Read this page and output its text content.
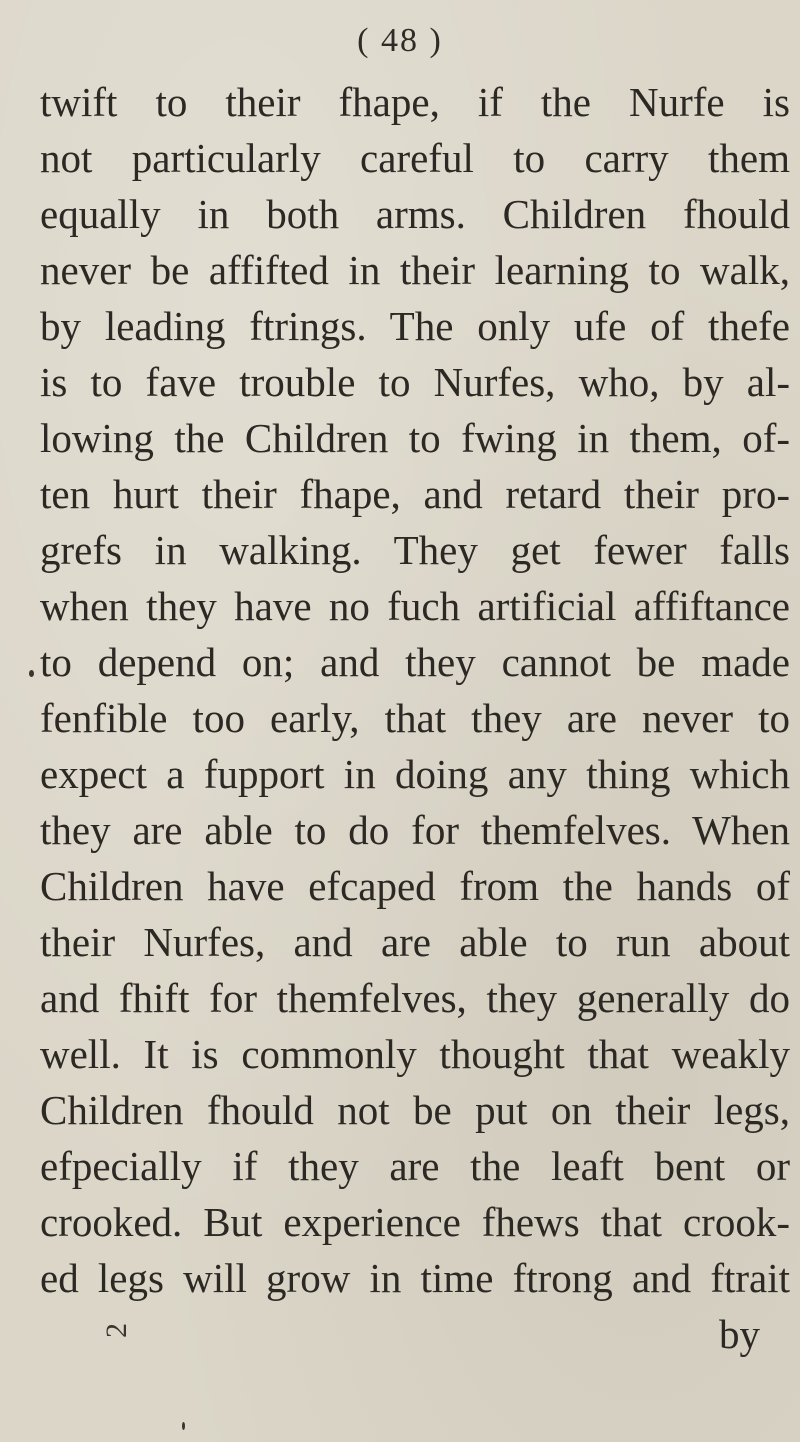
( 48 )
twift to their fhape, if the Nurfe is
not particularly careful to carry them
equally in both arms. Children fhould
never be affifted in their learning to walk,
by leading ftrings. The only ufe of thefe
is to fave trouble to Nurfes, who, by al-
lowing the Children to fwing in them, of-
ten hurt their fhape, and retard their pro-
grefs in walking. They get fewer falls
when they have no fuch artificial affiftance
to depend on; and they cannot be made
fenfible too early, that they are never to
expect a fupport in doing any thing which
they are able to do for themfelves. When
Children have efcaped from the hands of
their Nurfes, and are able to run about
and fhift for themfelves, they generally do
well. It is commonly thought that weakly
Children fhould not be put on their legs,
efpecially if they are the leaft bent or
crooked. But experience fhews that crook-
ed legs will grow in time ftrong and ftrait
by
2
